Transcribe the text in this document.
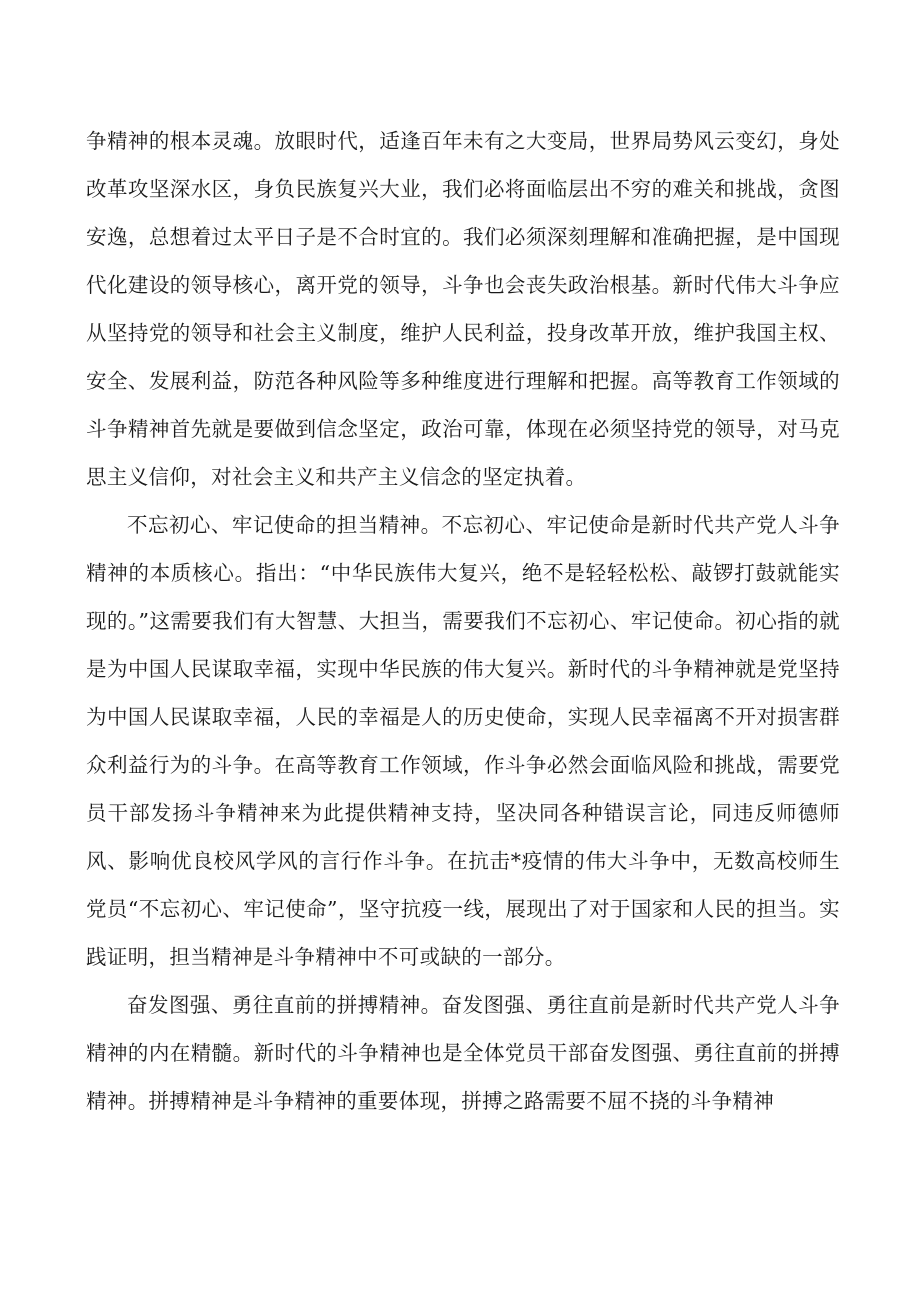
争精神的根本灵魂。放眼时代，适逢百年未有之大变局，世界局势风云变幻，身处改革攻坚深水区，身负民族复兴大业，我们必将面临层出不穷的难关和挑战，贪图安逸，总想着过太平日子是不合时宜的。我们必须深刻理解和准确把握，是中国现代化建设的领导核心，离开党的领导，斗争也会丧失政治根基。新时代伟大斗争应从坚持党的领导和社会主义制度，维护人民利益，投身改革开放，维护我国主权、安全、发展利益，防范各种风险等多种维度进行理解和把握。高等教育工作领域的斗争精神首先就是要做到信念坚定，政治可靠，体现在必须坚持党的领导，对马克思主义信仰，对社会主义和共产主义信念的坚定执着。

不忘初心、牢记使命的担当精神。不忘初心、牢记使命是新时代共产党人斗争精神的本质核心。指出：“中华民族伟大复兴，绝不是轻轻松松、敲锣打鼓就能实现的。”这需要我们有大智慧、大担当，需要我们不忘初心、牢记使命。初心指的就是为中国人民谋取幸福，实现中华民族的伟大复兴。新时代的斗争精神就是党坚持为中国人民谋取幸福，人民的幸福是人的历史使命，实现人民幸福离不开对损害群众利益行为的斗争。在高等教育工作领域，作斗争必然会面临风险和挑战，需要党员干部发扬斗争精神来为此提供精神支持，坚决同各种错误言论，同违反师德师风、影响优良校风学风的言行作斗争。在抗击*疫情的伟大斗争中，无数高校师生党员“不忘初心、牢记使命”，坚守抗疫一线，展现出了对于国家和人民的担当。实践证明，担当精神是斗争精神中不可或缺的一部分。

奋发图强、勇往直前的拼搏精神。奋发图强、勇往直前是新时代共产党人斗争精神的内在精髓。新时代的斗争精神也是全体党员干部奋发图强、勇往直前的拼搏精神。拼搏精神是斗争精神的重要体现，拼搏之路需要不屈不挠的斗争精神
